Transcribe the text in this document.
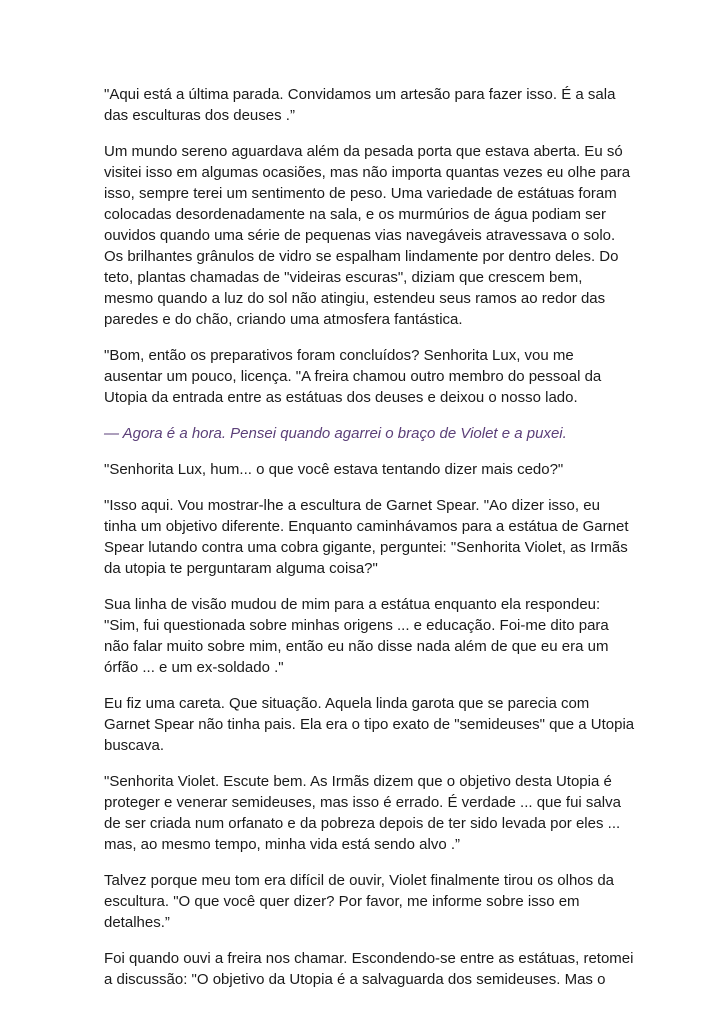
"Aqui está a última parada. Convidamos um artesão para fazer isso. É a sala
das esculturas dos deuses .”

Um mundo sereno aguardava além da pesada porta que estava aberta. Eu só
visitei isso em algumas ocasiões, mas não importa quantas vezes eu olhe para
isso, sempre terei um sentimento de peso. Uma variedade de estátuas foram
colocadas desordenadamente na sala, e os murmúrios de água podiam ser
ouvidos quando uma série de pequenas vias navegáveis atravessava o solo.
Os brilhantes grânulos de vidro se espalham lindamente por dentro deles. Do
teto, plantas chamadas de "videiras escuras", diziam que crescem bem,
mesmo quando a luz do sol não atingiu, estendeu seus ramos ao redor das
paredes e do chão, criando uma atmosfera fantástica.

"Bom, então os preparativos foram concluídos? Senhorita Lux, vou me
ausentar um pouco, licença. "A freira chamou outro membro do pessoal da
Utopia da entrada entre as estátuas dos deuses e deixou o nosso lado.

— Agora é a hora. Pensei quando agarrei o braço de Violet e a puxei.

"Senhorita Lux, hum... o que você estava tentando dizer mais cedo?"

"Isso aqui. Vou mostrar-lhe a escultura de Garnet Spear. "Ao dizer isso, eu
tinha um objetivo diferente. Enquanto caminhávamos para a estátua de Garnet
Spear lutando contra uma cobra gigante, perguntei: "Senhorita Violet, as Irmãs
da utopia te perguntaram alguma coisa?"

Sua linha de visão mudou de mim para a estátua enquanto ela respondeu:
"Sim, fui questionada sobre minhas origens ... e educação. Foi-me dito para
não falar muito sobre mim, então eu não disse nada além de que eu era um
órfão ... e um ex-soldado ."

Eu fiz uma careta. Que situação. Aquela linda garota que se parecia com
Garnet Spear não tinha pais. Ela era o tipo exato de "semideuses" que a Utopia
buscava.

"Senhorita Violet. Escute bem. As Irmãs dizem que o objetivo desta Utopia é
proteger e venerar semideuses, mas isso é errado. É verdade ... que fui salva
de ser criada num orfanato e da pobreza depois de ter sido levada por eles ...
mas, ao mesmo tempo, minha vida está sendo alvo .”

Talvez porque meu tom era difícil de ouvir, Violet finalmente tirou os olhos da
escultura. "O que você quer dizer? Por favor, me informe sobre isso em
detalhes.”

Foi quando ouvi a freira nos chamar. Escondendo-se entre as estátuas, retomei
a discussão: "O objetivo da Utopia é a salvaguarda dos semideuses. Mas o
